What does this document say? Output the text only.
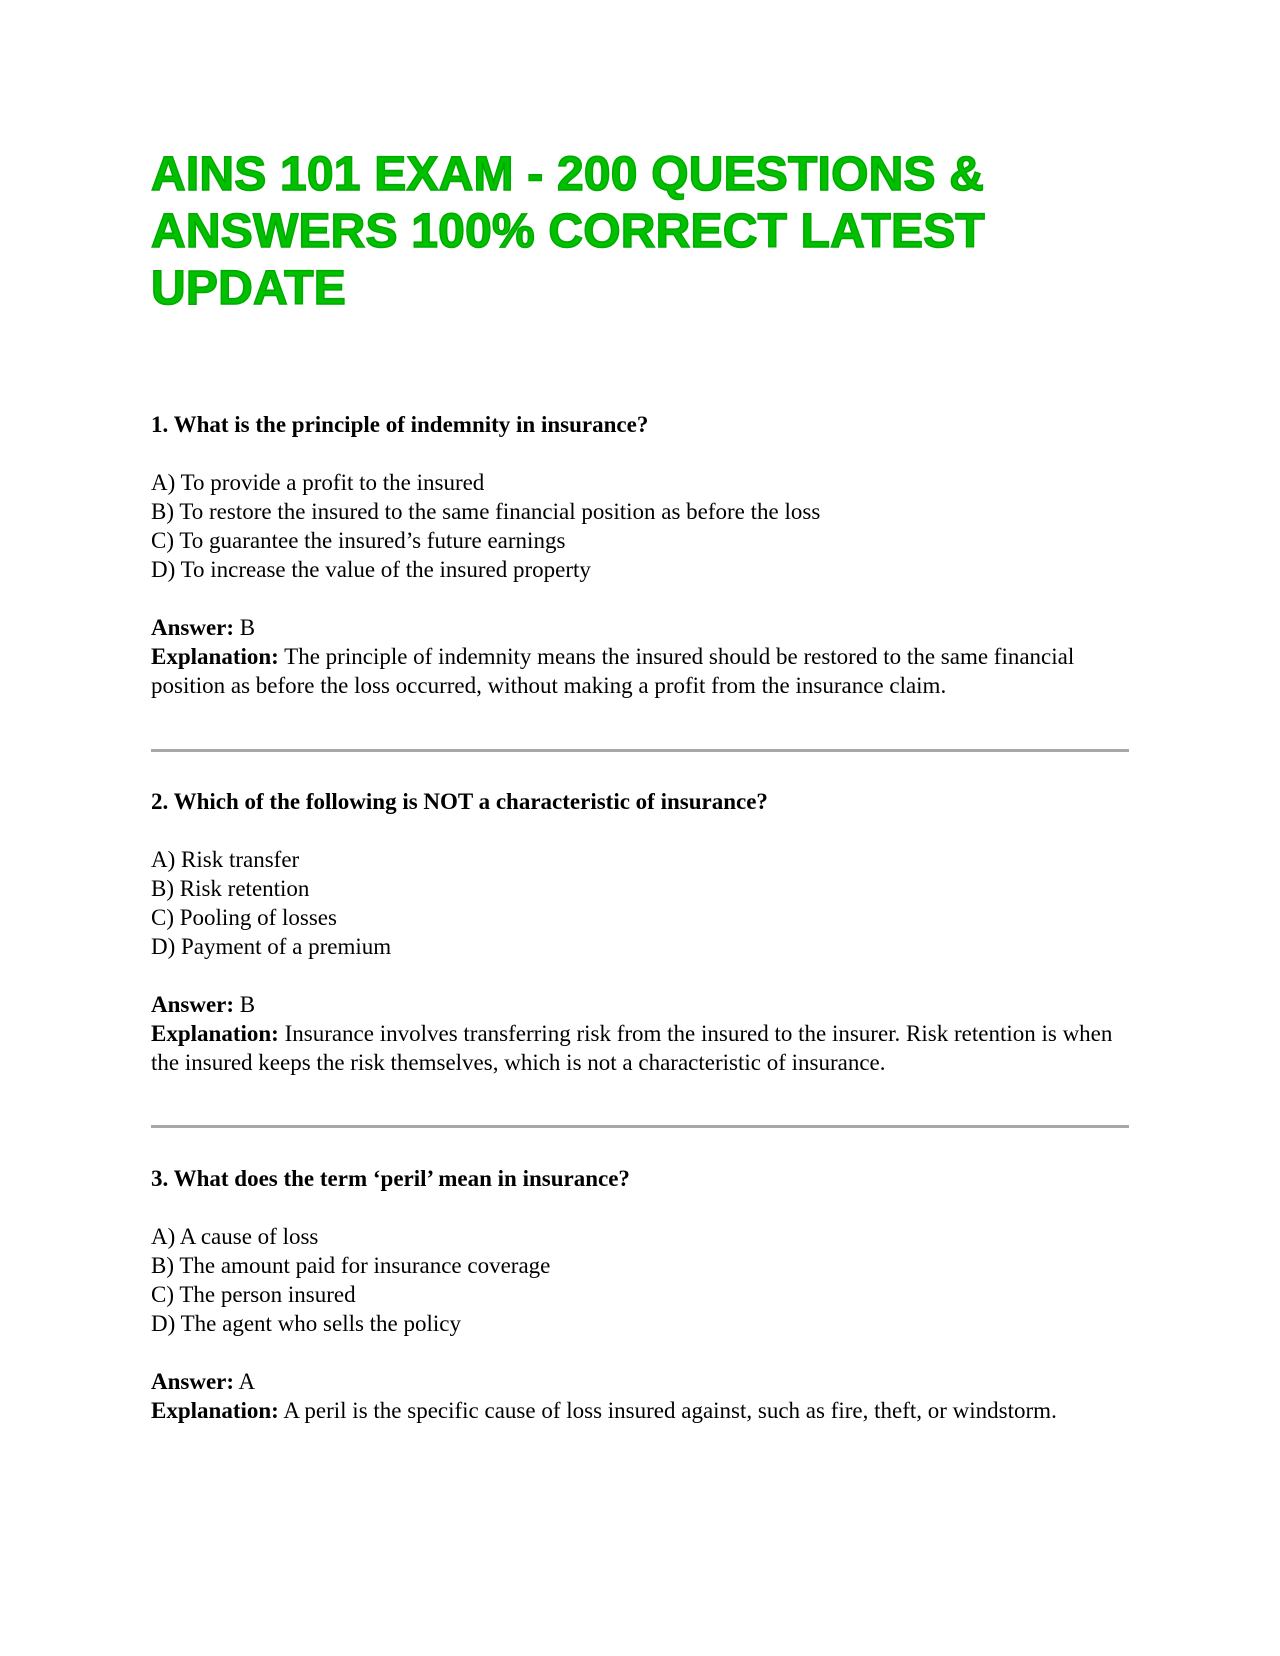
AINS 101 EXAM - 200 QUESTIONS & ANSWERS 100% CORRECT LATEST UPDATE

1. What is the principle of indemnity in insurance?

A) To provide a profit to the insured
B) To restore the insured to the same financial position as before the loss
C) To guarantee the insured’s future earnings
D) To increase the value of the insured property
Answer: B
Explanation: The principle of indemnity means the insured should be restored to the same financial position as before the loss occurred, without making a profit from the insurance claim.

2. Which of the following is NOT a characteristic of insurance?

A) Risk transfer
B) Risk retention
C) Pooling of losses
D) Payment of a premium
Answer: B
Explanation: Insurance involves transferring risk from the insured to the insurer. Risk retention is when the insured keeps the risk themselves, which is not a characteristic of insurance.

3. What does the term ‘peril’ mean in insurance?

A) A cause of loss
B) The amount paid for insurance coverage
C) The person insured
D) The agent who sells the policy
Answer: A
Explanation: A peril is the specific cause of loss insured against, such as fire, theft, or windstorm.
